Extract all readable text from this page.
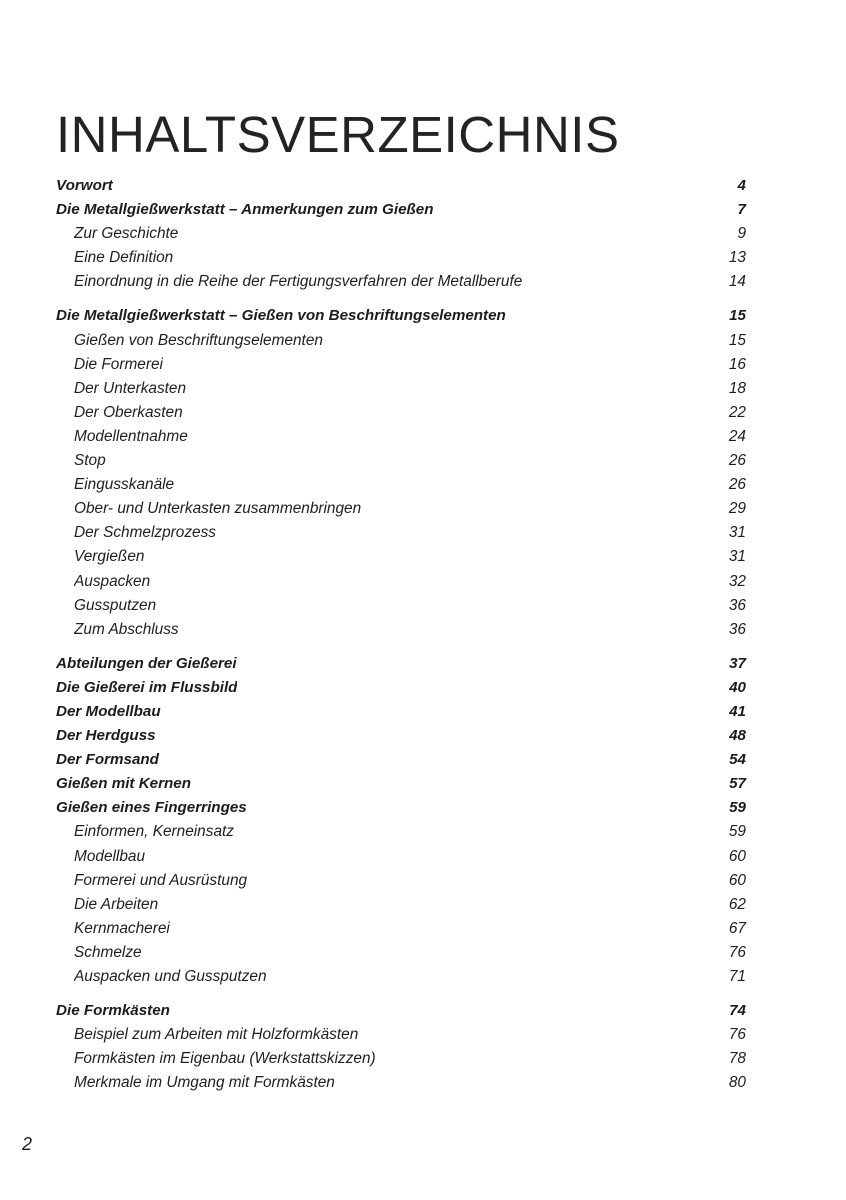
INHALTSVERZEICHNIS
Vorwort	4
Die Metallgießwerkstatt – Anmerkungen zum Gießen	7
Zur Geschichte	9
Eine Definition	13
Einordnung in die Reihe der Fertigungsverfahren der Metallberufe	14
Die Metallgießwerkstatt – Gießen von Beschriftungselementen	15
Gießen von Beschriftungselementen	15
Die Formerei	16
Der Unterkasten	18
Der Oberkasten	22
Modellentnahme	24
Stop	26
Eingusskanäle	26
Ober- und Unterkasten zusammenbringen	29
Der Schmelzprozess	31
Vergießen	31
Auspacken	32
Gussputzen	36
Zum Abschluss	36
Abteilungen der Gießerei	37
Die Gießerei im Flussbild	40
Der Modellbau	41
Der Herdguss	48
Der Formsand	54
Gießen mit Kernen	57
Gießen eines Fingerringes	59
Einformen, Kerneinsatz	59
Modellbau	60
Formerei und Ausrüstung	60
Die Arbeiten	62
Kernmacherei	67
Schmelze	76
Auspacken und Gussputzen	71
Die Formkästen	74
Beispiel zum Arbeiten mit Holzformkästen	76
Formkästen im Eigenbau (Werkstattskizzen)	78
Merkmale im Umgang mit Formkästen	80
2
